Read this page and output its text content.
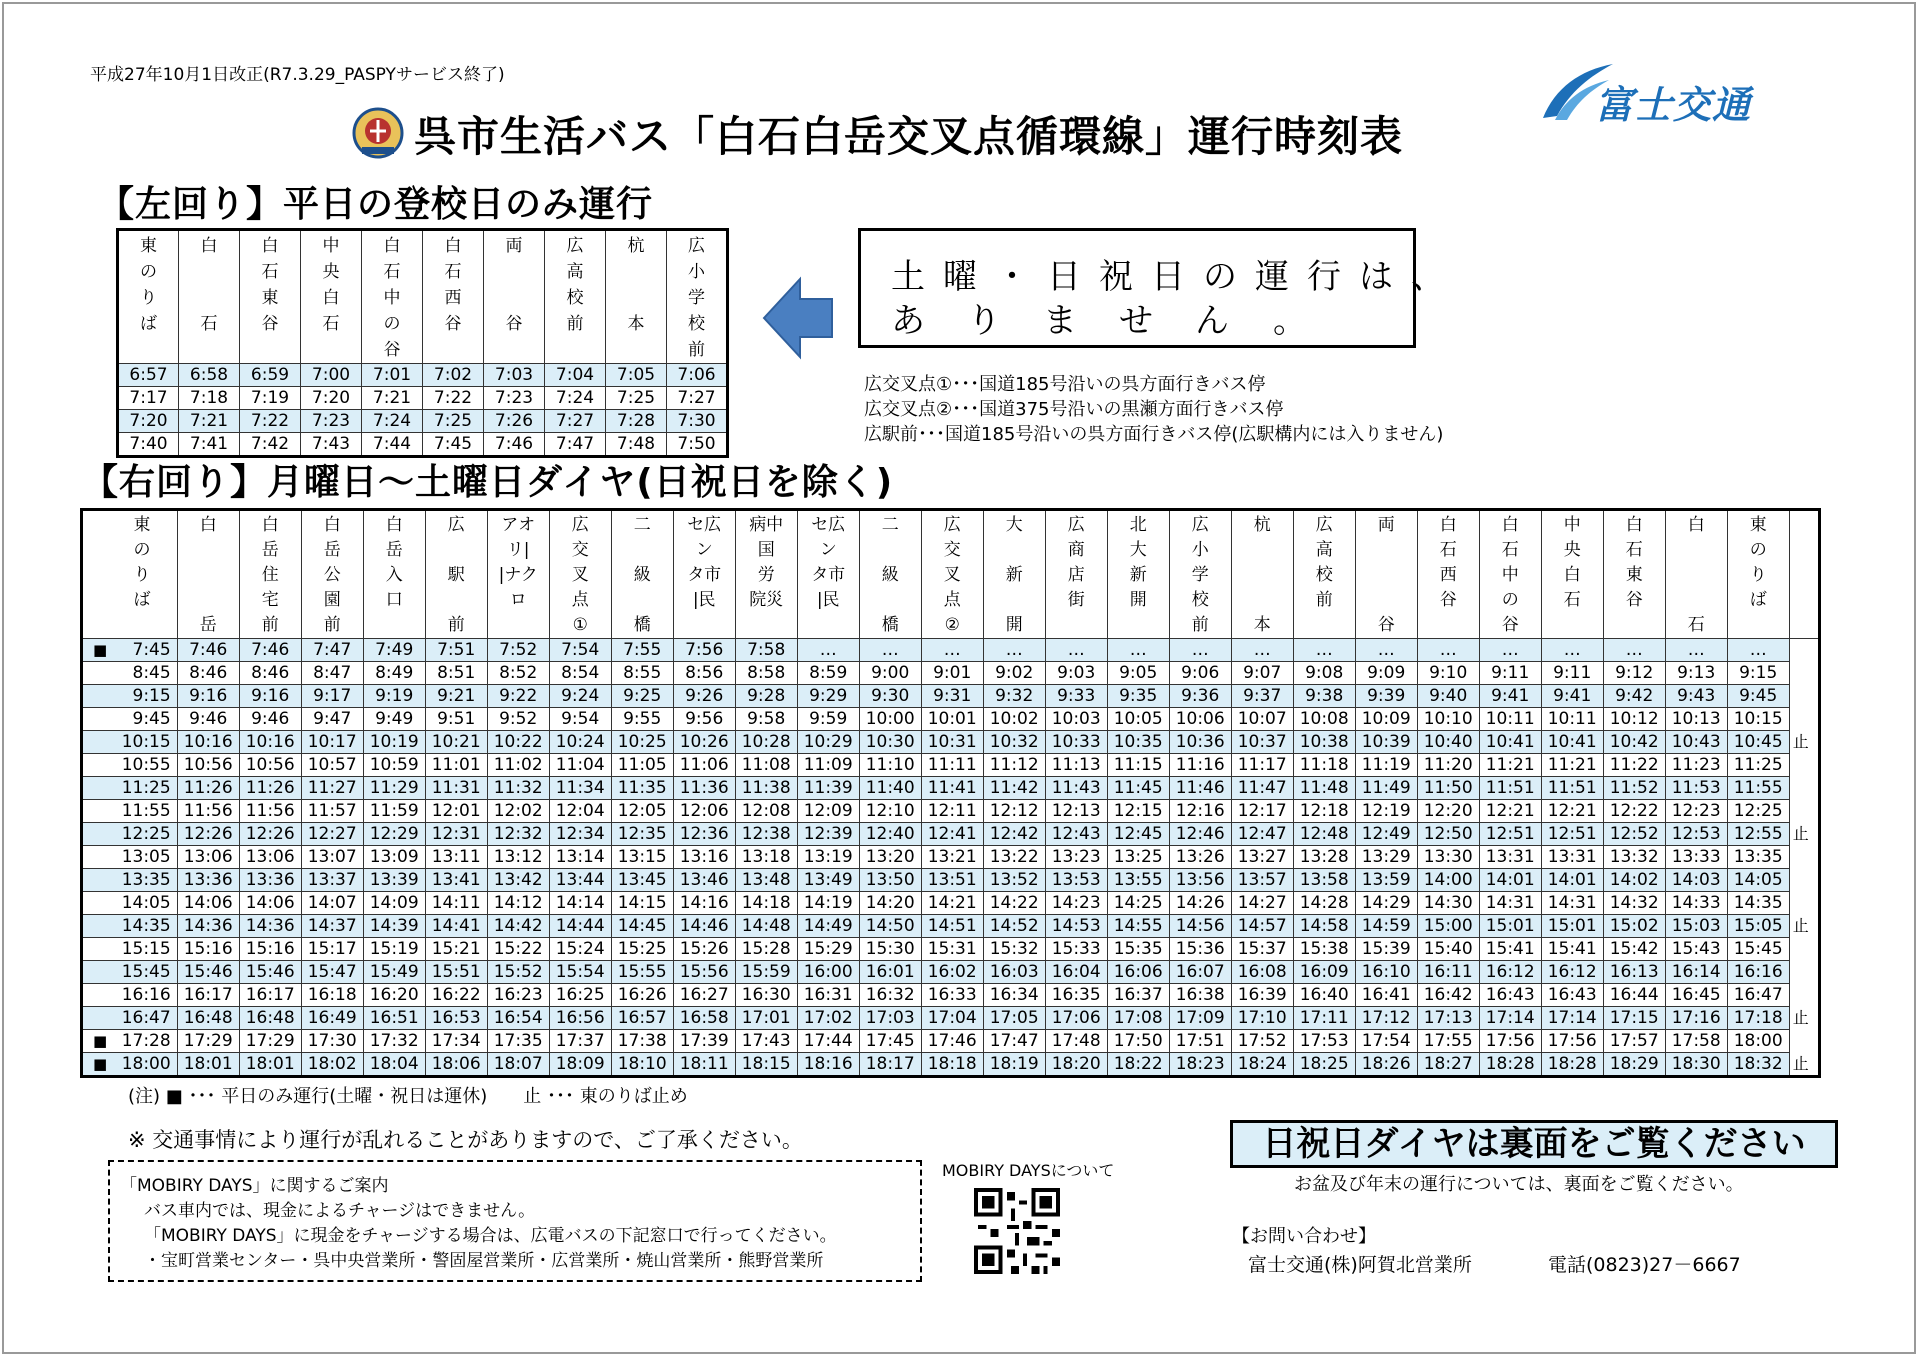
平成27年10月1日改正(R7.3.29_PASPYサービス終了)
富士交通
呉市生活バス「白石白岳交叉点循環線」運行時刻表
【左回り】平日の登校日のみ運行
東
の
り
ば	白

石	白
石
東
谷	中
央
白
石	白
石
中
の
谷	白
石
西
谷	両

谷	広
高
校
前	杭

本	広
小
学
校
前
6:57	6:58	6:59	7:00	7:01	7:02	7:03	7:04	7:05	7:06
7:17	7:18	7:19	7:20	7:21	7:22	7:23	7:24	7:25	7:27
7:20	7:21	7:22	7:23	7:24	7:25	7:26	7:27	7:28	7:30
7:40	7:41	7:42	7:43	7:44	7:45	7:46	7:47	7:48	7:50
土曜・日祝日の運行は、
ありません。
広交叉点①･･･国道185号沿いの呉方面行きバス停
広交叉点②･･･国道375号沿いの黒瀬方面行きバス停
広駅前･･･国道185号沿いの呉方面行きバス停(広駅構内には入りません)
【右回り】月曜日～土曜日ダイヤ(日祝日を除く)
	東
の
り
ば	白

岳	白
岳
住
宅
前	白
岳
公
園
前	白
岳
入
口	広

駅

前	アオ
リ|
|ナク
ロ	広
交
叉
点
①	二

級

橋	セ広
ン
タ市
|民	病中
国
労
院災	セ広
ン
タ市
|民	二

級

橋	広
交
叉
点
②	大

新

開	広
商
店
街	北
大
新
開	広
小
学
校
前	杭

本	広
高
校
前	両

谷	白
石
西
谷	白
石
中
の
谷	中
央
白
石	白
石
東
谷	白

石	東
の
り
ば	
■	7:45	7:46	7:46	7:47	7:49	7:51	7:52	7:54	7:55	7:56	7:58	…	…	…	…	…	…	…	…	…	…	…	…	…	…	…	…	
	8:45	8:46	8:46	8:47	8:49	8:51	8:52	8:54	8:55	8:56	8:58	8:59	9:00	9:01	9:02	9:03	9:05	9:06	9:07	9:08	9:09	9:10	9:11	9:11	9:12	9:13	9:15	
	9:15	9:16	9:16	9:17	9:19	9:21	9:22	9:24	9:25	9:26	9:28	9:29	9:30	9:31	9:32	9:33	9:35	9:36	9:37	9:38	9:39	9:40	9:41	9:41	9:42	9:43	9:45	
	9:45	9:46	9:46	9:47	9:49	9:51	9:52	9:54	9:55	9:56	9:58	9:59	10:00	10:01	10:02	10:03	10:05	10:06	10:07	10:08	10:09	10:10	10:11	10:11	10:12	10:13	10:15	
	10:15	10:16	10:16	10:17	10:19	10:21	10:22	10:24	10:25	10:26	10:28	10:29	10:30	10:31	10:32	10:33	10:35	10:36	10:37	10:38	10:39	10:40	10:41	10:41	10:42	10:43	10:45	止
	10:55	10:56	10:56	10:57	10:59	11:01	11:02	11:04	11:05	11:06	11:08	11:09	11:10	11:11	11:12	11:13	11:15	11:16	11:17	11:18	11:19	11:20	11:21	11:21	11:22	11:23	11:25	
	11:25	11:26	11:26	11:27	11:29	11:31	11:32	11:34	11:35	11:36	11:38	11:39	11:40	11:41	11:42	11:43	11:45	11:46	11:47	11:48	11:49	11:50	11:51	11:51	11:52	11:53	11:55	
	11:55	11:56	11:56	11:57	11:59	12:01	12:02	12:04	12:05	12:06	12:08	12:09	12:10	12:11	12:12	12:13	12:15	12:16	12:17	12:18	12:19	12:20	12:21	12:21	12:22	12:23	12:25	
	12:25	12:26	12:26	12:27	12:29	12:31	12:32	12:34	12:35	12:36	12:38	12:39	12:40	12:41	12:42	12:43	12:45	12:46	12:47	12:48	12:49	12:50	12:51	12:51	12:52	12:53	12:55	止
	13:05	13:06	13:06	13:07	13:09	13:11	13:12	13:14	13:15	13:16	13:18	13:19	13:20	13:21	13:22	13:23	13:25	13:26	13:27	13:28	13:29	13:30	13:31	13:31	13:32	13:33	13:35	
	13:35	13:36	13:36	13:37	13:39	13:41	13:42	13:44	13:45	13:46	13:48	13:49	13:50	13:51	13:52	13:53	13:55	13:56	13:57	13:58	13:59	14:00	14:01	14:01	14:02	14:03	14:05	
	14:05	14:06	14:06	14:07	14:09	14:11	14:12	14:14	14:15	14:16	14:18	14:19	14:20	14:21	14:22	14:23	14:25	14:26	14:27	14:28	14:29	14:30	14:31	14:31	14:32	14:33	14:35	
	14:35	14:36	14:36	14:37	14:39	14:41	14:42	14:44	14:45	14:46	14:48	14:49	14:50	14:51	14:52	14:53	14:55	14:56	14:57	14:58	14:59	15:00	15:01	15:01	15:02	15:03	15:05	止
	15:15	15:16	15:16	15:17	15:19	15:21	15:22	15:24	15:25	15:26	15:28	15:29	15:30	15:31	15:32	15:33	15:35	15:36	15:37	15:38	15:39	15:40	15:41	15:41	15:42	15:43	15:45	
	15:45	15:46	15:46	15:47	15:49	15:51	15:52	15:54	15:55	15:56	15:59	16:00	16:01	16:02	16:03	16:04	16:06	16:07	16:08	16:09	16:10	16:11	16:12	16:12	16:13	16:14	16:16	
	16:16	16:17	16:17	16:18	16:20	16:22	16:23	16:25	16:26	16:27	16:30	16:31	16:32	16:33	16:34	16:35	16:37	16:38	16:39	16:40	16:41	16:42	16:43	16:43	16:44	16:45	16:47	
	16:47	16:48	16:48	16:49	16:51	16:53	16:54	16:56	16:57	16:58	17:01	17:02	17:03	17:04	17:05	17:06	17:08	17:09	17:10	17:11	17:12	17:13	17:14	17:14	17:15	17:16	17:18	止
■	17:28	17:29	17:29	17:30	17:32	17:34	17:35	17:37	17:38	17:39	17:43	17:44	17:45	17:46	17:47	17:48	17:50	17:51	17:52	17:53	17:54	17:55	17:56	17:56	17:57	17:58	18:00	
■	18:00	18:01	18:01	18:02	18:04	18:06	18:07	18:09	18:10	18:11	18:15	18:16	18:17	18:18	18:19	18:20	18:22	18:23	18:24	18:25	18:26	18:27	18:28	18:28	18:29	18:30	18:32	止
(注) ■ ･･･ 平日のみ運行(土曜・祝日は運休)　　止 ･･･ 東のりば止め
※ 交通事情により運行が乱れることがありますので、ご了承ください。
「MOBIRY DAYS」に関するご案内
バス車内では、現金によるチャージはできません。
「MOBIRY DAYS」に現金をチャージする場合は、広電バスの下記窓口で行ってください。
・宝町営業センター・呉中央営業所・警固屋営業所・広営業所・焼山営業所・熊野営業所
MOBIRY DAYSについて
日祝日ダイヤは裏面をご覧ください
お盆及び年末の運行については、裏面をご覧ください。
【お問い合わせ】
富士交通(株)阿賀北営業所	電話(0823)27－6667
